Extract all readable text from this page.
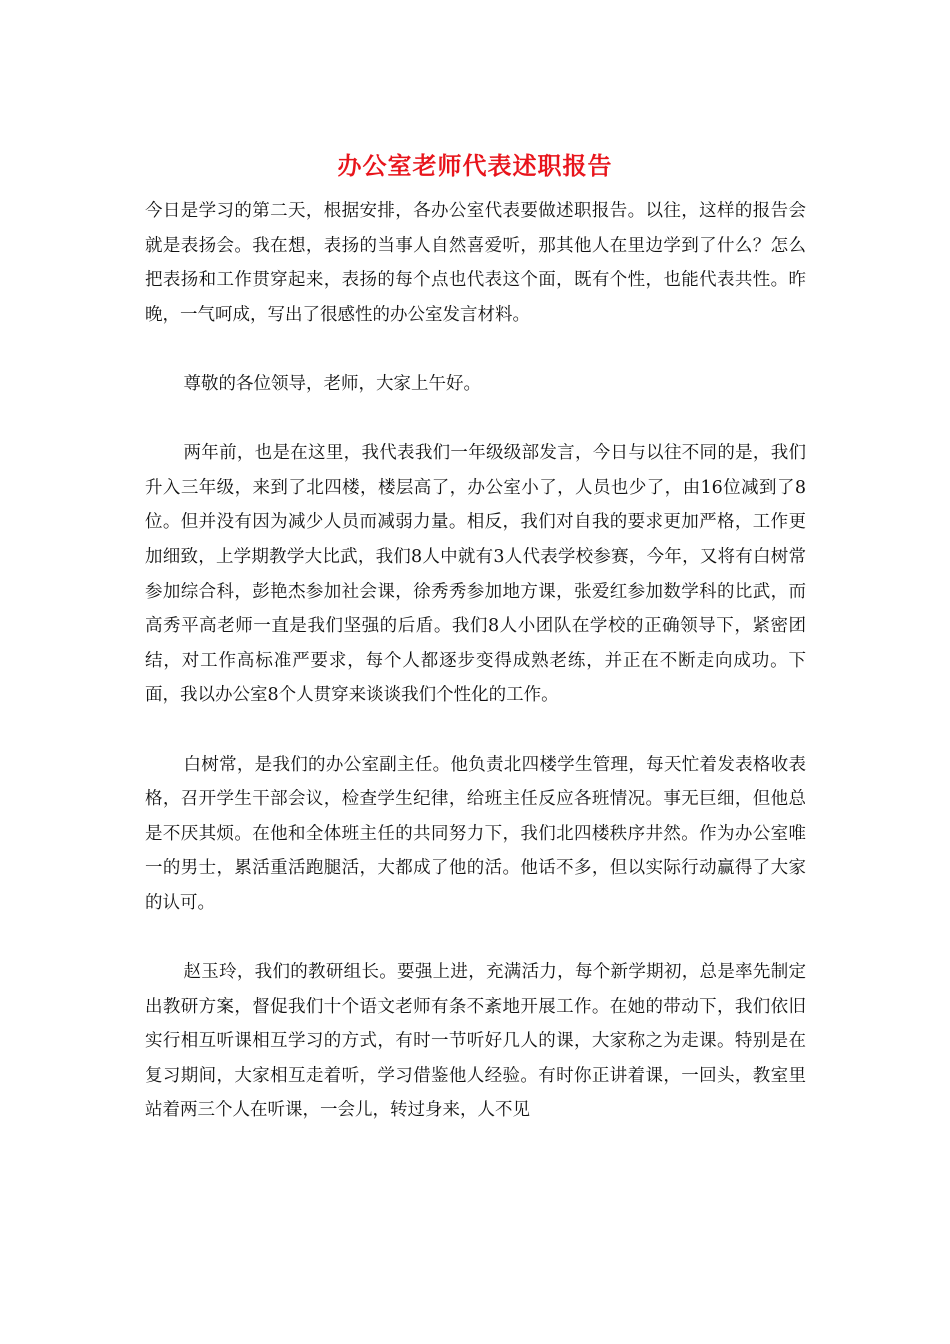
办公室老师代表述职报告

今日是学习的第二天，根据安排，各办公室代表要做述职报告。以往，这样的报告会就是表扬会。我在想，表扬的当事人自然喜爱听，那其他人在里边学到了什么？怎么把表扬和工作贯穿起来，表扬的每个点也代表这个面，既有个性，也能代表共性。昨晚，一气呵成，写出了很感性的办公室发言材料。

尊敬的各位领导，老师，大家上午好。

两年前，也是在这里，我代表我们一年级级部发言，今日与以往不同的是，我们升入三年级，来到了北四楼，楼层高了，办公室小了，人员也少了，由16位减到了8位。但并没有因为减少人员而减弱力量。相反，我们对自我的要求更加严格，工作更加细致，上学期教学大比武，我们8人中就有3人代表学校参赛，今年，又将有白树常参加综合科，彭艳杰参加社会课，徐秀秀参加地方课，张爱红参加数学科的比武，而高秀平高老师一直是我们坚强的后盾。我们8人小团队在学校的正确领导下，紧密团结，对工作高标准严要求，每个人都逐步变得成熟老练，并正在不断走向成功。下面，我以办公室8个人贯穿来谈谈我们个性化的工作。

白树常，是我们的办公室副主任。他负责北四楼学生管理，每天忙着发表格收表格，召开学生干部会议，检查学生纪律，给班主任反应各班情况。事无巨细，但他总是不厌其烦。在他和全体班主任的共同努力下，我们北四楼秩序井然。作为办公室唯一的男士，累活重活跑腿活，大都成了他的活。他话不多，但以实际行动赢得了大家的认可。

赵玉玲，我们的教研组长。要强上进，充满活力，每个新学期初，总是率先制定出教研方案，督促我们十个语文老师有条不紊地开展工作。在她的带动下，我们依旧实行相互听课相互学习的方式，有时一节听好几人的课，大家称之为走课。特别是在复习期间，大家相互走着听，学习借鉴他人经验。有时你正讲着课，一回头，教室里站着两三个人在听课，一会儿，转过身来，人不见
